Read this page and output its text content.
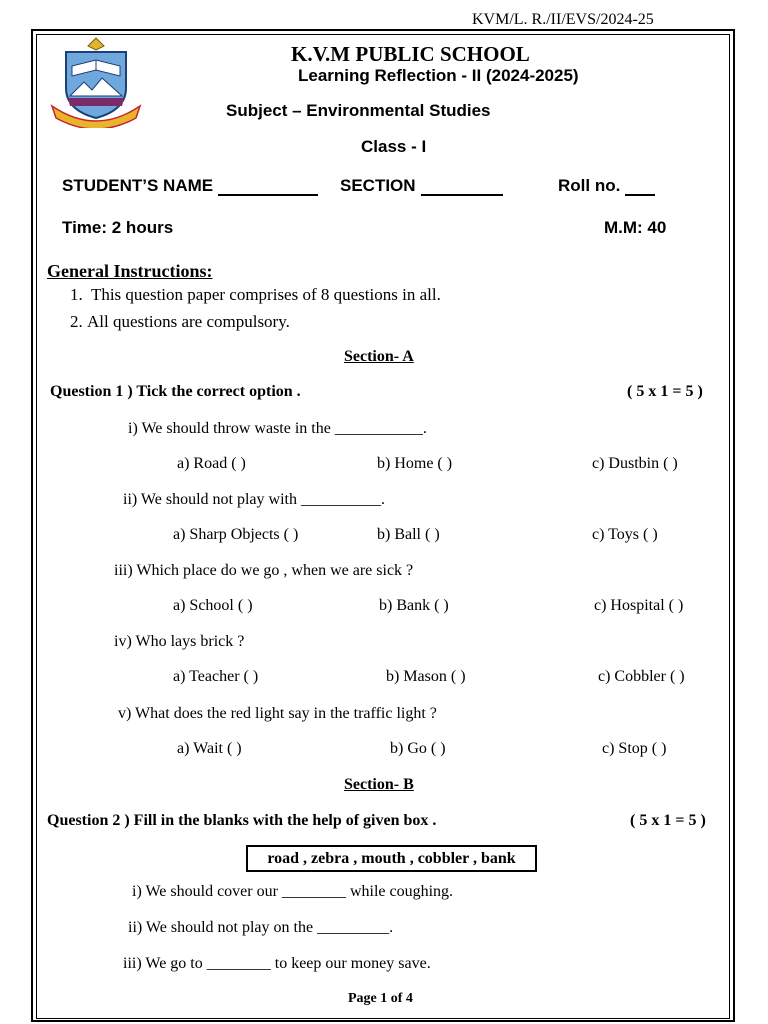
KVM/L. R./II/EVS/2024-25
K.V.M PUBLIC SCHOOL
Learning Reflection - II (2024-2025)
Subject – Environmental Studies
Class - I
STUDENT’S NAME	SECTION	Roll no.
Time: 2 hours	M.M: 40
General Instructions:
1.  This question paper comprises of 8 questions in all.
2. All questions are compulsory.
Section- A
Question 1 ) Tick the correct option .	( 5 x 1 = 5 )
i) We should throw waste in the ___________.
a) Road ( )	b) Home ( )	c) Dustbin ( )
ii) We should not play with __________.
a) Sharp Objects ( )	b) Ball ( )	c) Toys ( )
iii) Which place do we go , when we are sick ?
a) School ( )	b) Bank ( )	c) Hospital ( )
iv) Who lays brick ?
a) Teacher ( )	b) Mason ( )	c) Cobbler ( )
v) What does the red light say in the traffic light ?
a) Wait ( )	b) Go ( )	c) Stop ( )
Section- B
Question 2 ) Fill in the blanks with the help of given box .	( 5 x 1 = 5 )
road , zebra , mouth , cobbler , bank
i) We should cover our ________ while coughing.
ii) We should not play on the _________.
iii) We go to ________ to keep our money save.
Page 1 of 4
